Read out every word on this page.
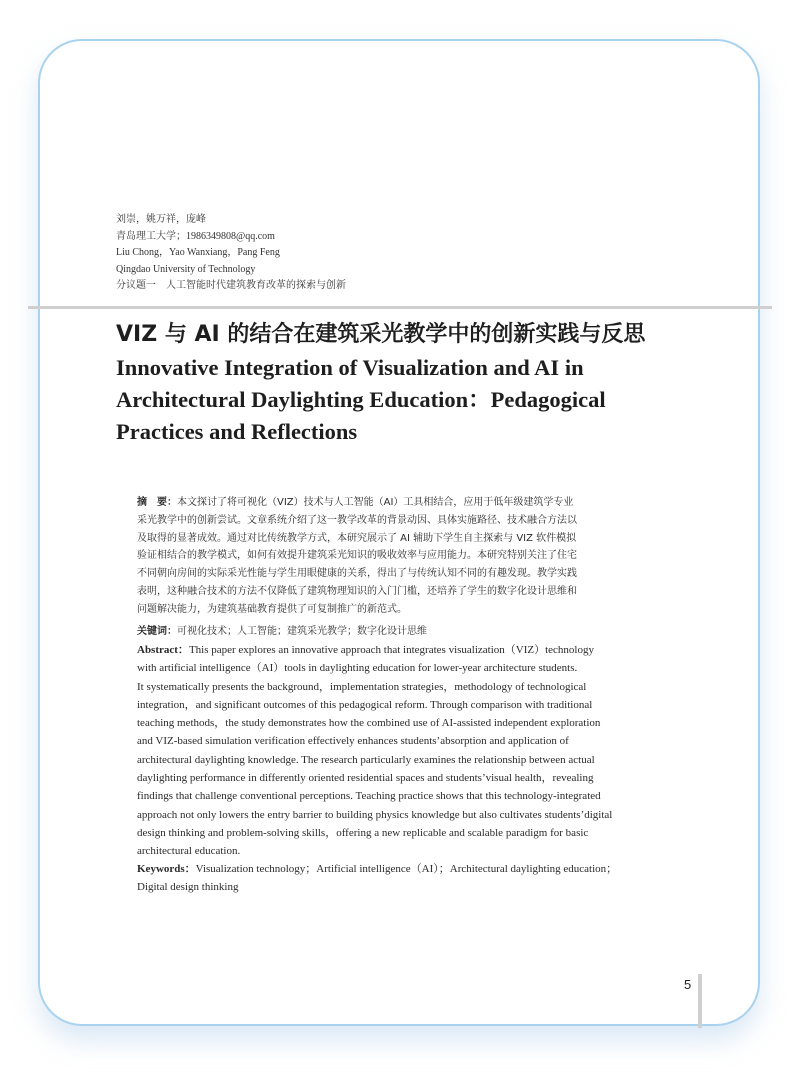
刘崇，姚万祥，庞峰
青岛理工大学；1986349808@qq.com
Liu Chong，Yao Wanxiang，Pang Feng
Qingdao University of Technology
分议题一　人工智能时代建筑教育改革的探索与创新
VIZ 与 AI 的结合在建筑采光教学中的创新实践与反思
Innovative Integration of Visualization and AI in
Architectural Daylighting Education：Pedagogical
Practices and Reflections
摘　要：本文探讨了将可视化（VIZ）技术与人工智能（AI）工具相结合，应用于低年级建筑学专业
采光教学中的创新尝试。文章系统介绍了这一教学改革的背景动因、具体实施路径、技术融合方法以
及取得的显著成效。通过对比传统教学方式，本研究展示了 AI 辅助下学生自主探索与 VIZ 软件模拟
验证相结合的教学模式，如何有效提升建筑采光知识的吸收效率与应用能力。本研究特别关注了住宅
不同朝向房间的实际采光性能与学生用眼健康的关系，得出了与传统认知不同的有趣发现。教学实践
表明，这种融合技术的方法不仅降低了建筑物理知识的入门门槛，还培养了学生的数字化设计思维和
问题解决能力，为建筑基础教育提供了可复制推广的新范式。
关键词：可视化技术；人工智能；建筑采光教学；数字化设计思维
Abstract：This paper explores an innovative approach that integrates visualization（VIZ）technology
with artificial intelligence（AI）tools in daylighting education for lower-year architecture students.
It systematically presents the background，implementation strategies，methodology of technological
integration，and significant outcomes of this pedagogical reform. Through comparison with traditional
teaching methods，the study demonstrates how the combined use of AI-assisted independent exploration
and VIZ-based simulation verification effectively enhances students’absorption and application of
architectural daylighting knowledge. The research particularly examines the relationship between actual
daylighting performance in differently oriented residential spaces and students’visual health，revealing
findings that challenge conventional perceptions. Teaching practice shows that this technology-integrated
approach not only lowers the entry barrier to building physics knowledge but also cultivates students’digital
design thinking and problem-solving skills，offering a new replicable and scalable paradigm for basic
architectural education.
Keywords：Visualization technology；Artificial intelligence（AI）；Architectural daylighting education；
Digital design thinking
5
